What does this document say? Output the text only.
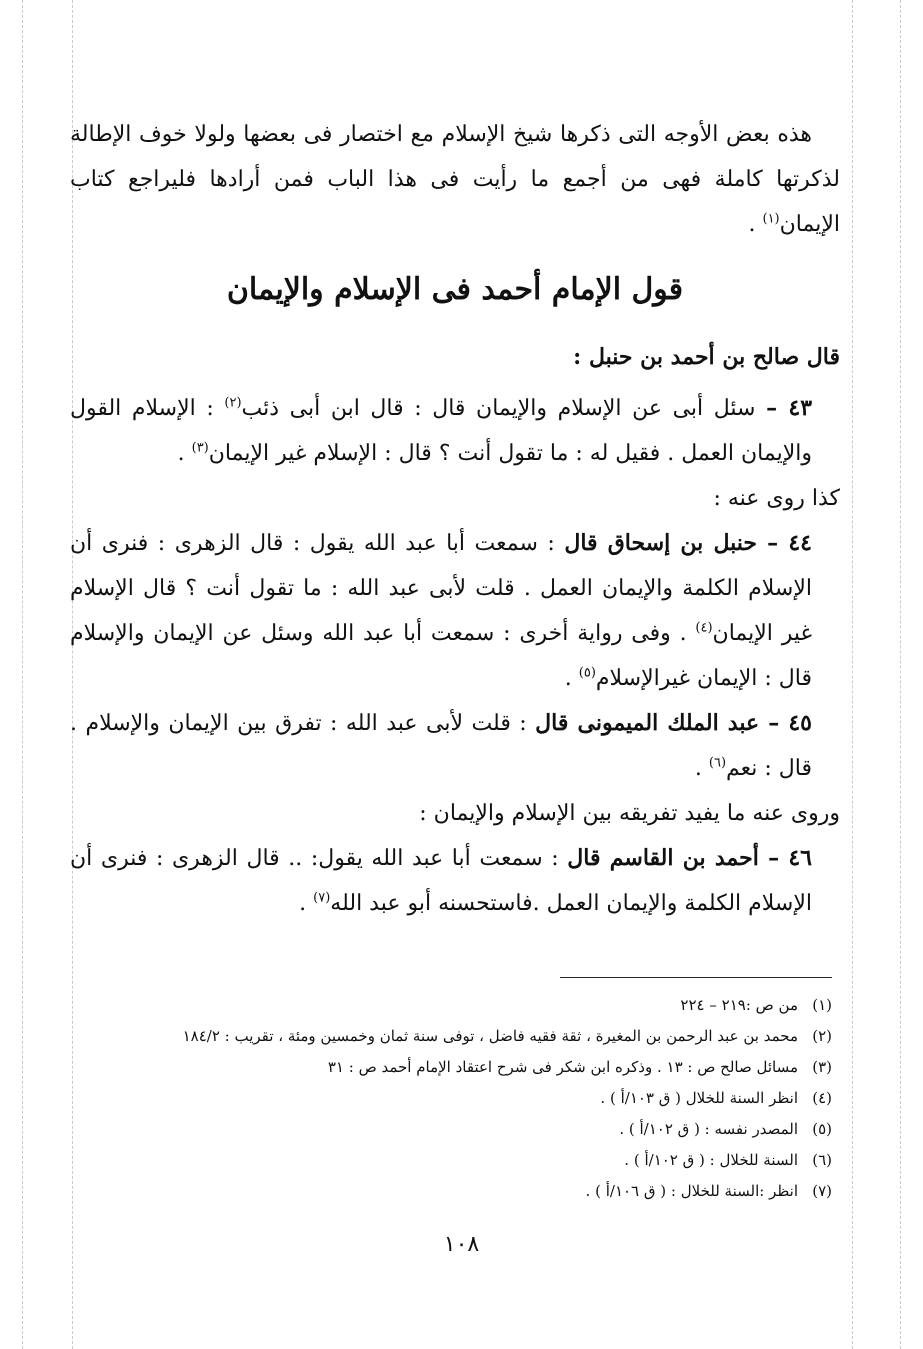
هذه بعض الأوجه التى ذكرها شيخ الإسلام مع اختصار فى بعضها ولولا خوف الإطالة لذكرتها كاملة فهى من أجمع ما رأيت فى هذا الباب فمن أرادها فليراجع كتاب الإيمان$^{(١)}$ .

قول الإمام أحمد فى الإسلام والإيمان

قال صالح بن أحمد بن حنبل :

٤٣ – سئل أبى عن الإسلام والإيمان قال : قال ابن أبى ذئب$^{(٢)}$ : الإسلام القول والإيمان العمل . فقيل له : ما تقول أنت ؟ قال : الإسلام غير الإيمان$^{(٣)}$ .

كذا روى عنه :

٤٤ – حنبل بن إسحاق قال : سمعت أبا عبد الله يقول : قال الزهرى : فنرى أن الإسلام الكلمة والإيمان العمل . قلت لأبى عبد الله : ما تقول أنت ؟ قال الإسلام غير الإيمان$^{(٤)}$ . وفى رواية أخرى : سمعت أبا عبد الله وسئل عن الإيمان والإسلام قال : الإيمان غيرالإسلام$^{(٥)}$ .

٤٥ – عبد الملك الميمونى قال : قلت لأبى عبد الله : تفرق بين الإيمان والإسلام . قال : نعم$^{(٦)}$ .

وروى عنه ما يفيد تفريقه بين الإسلام والإيمان :

٤٦ – أحمد بن القاسم قال : سمعت أبا عبد الله يقول: .. قال الزهرى : فنرى أن الإسلام الكلمة والإيمان العمل .فاستحسنه أبو عبد الله$^{(٧)}$ .

(١)من ص :٢١٩ – ٢٢٤

(٢)محمد بن عبد الرحمن بن المغيرة ، ثقة فقيه فاضل ، توفى سنة ثمان وخمسين ومئة ، تقريب : ١٨٤/٢

(٣)مسائل صالح ص : ١٣ . وذكره ابن شكر فى شرح اعتقاد الإمام أحمد ص : ٣١

(٤)انظر السنة للخلال ( ق ١٠٣/أ ) .

(٥)المصدر نفسه : ( ق ١٠٢/أ ) .

(٦)السنة للخلال : ( ق ١٠٢/أ ) .

(٧)انظر :السنة للخلال : ( ق ١٠٦/أ ) .

١٠٨
